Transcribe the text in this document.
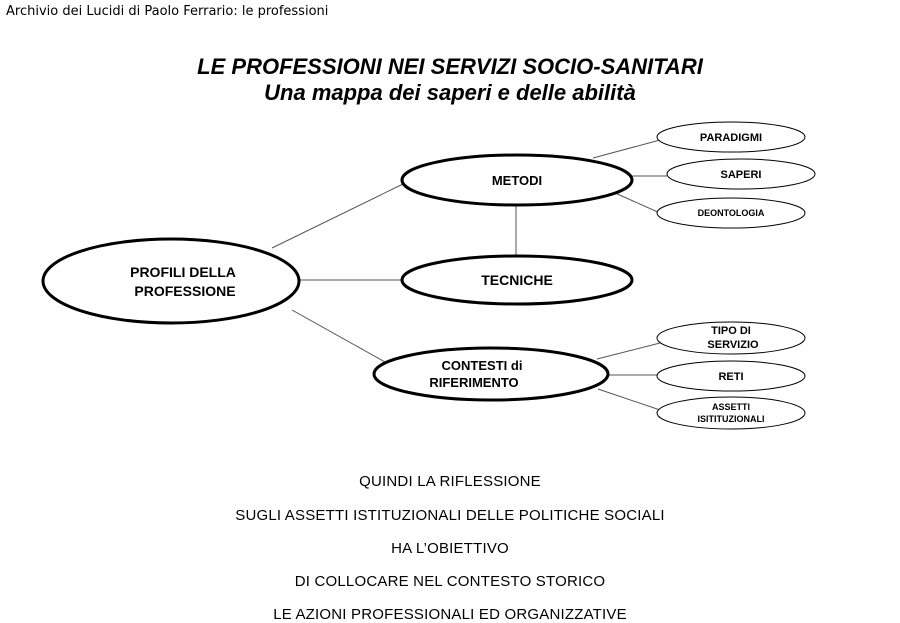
Archivio dei Lucidi di Paolo Ferrario: le professioni
LE PROFESSIONI NEI SERVIZI SOCIO-SANITARI
Una mappa dei saperi e delle abilità
PROFILI DELLA
PROFESSIONE
METODI
TECNICHE
CONTESTI di
RIFERIMENTO
PARADIGMI
SAPERI
DEONTOLOGIA
TIPO DI
SERVIZIO
RETI
ASSETTI
ISITITUZIONALI
QUINDI LA RIFLESSIONE
SUGLI ASSETTI ISTITUZIONALI DELLE POLITICHE SOCIALI
HA L’OBIETTIVO
DI COLLOCARE NEL CONTESTO STORICO
LE AZIONI PROFESSIONALI ED ORGANIZZATIVE
